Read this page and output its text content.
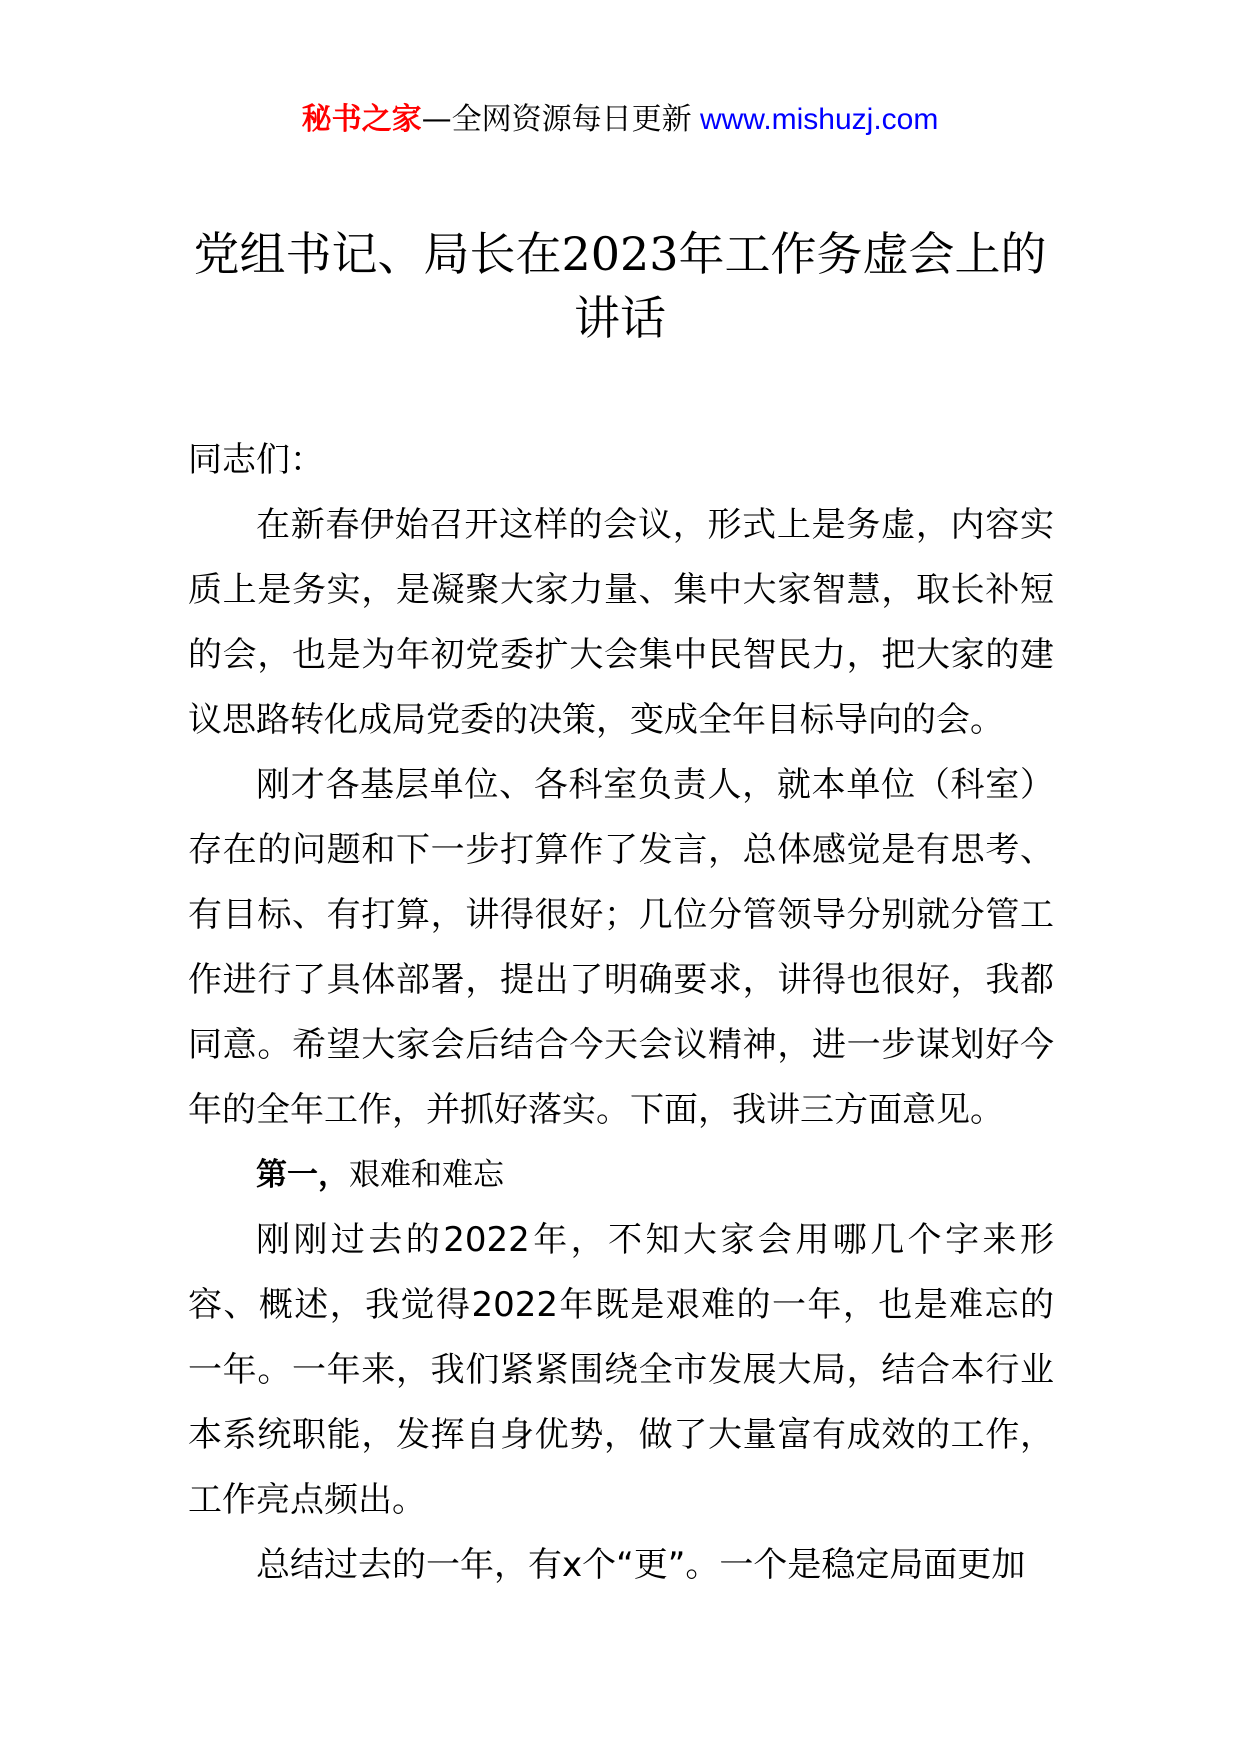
秘书之家—全网资源每日更新 www.mishuzj.com
党组书记、局长在2023年工作务虚会上的
讲话

同志们：

在新春伊始召开这样的会议，形式上是务虚，内容实质上是务实，是凝聚大家力量、集中大家智慧，取长补短的会，也是为年初党委扩大会集中民智民力，把大家的建议思路转化成局党委的决策，变成全年目标导向的会。

刚才各基层单位、各科室负责人，就本单位（科室）存在的问题和下一步打算作了发言，总体感觉是有思考、有目标、有打算，讲得很好；几位分管领导分别就分管工作进行了具体部署，提出了明确要求，讲得也很好，我都同意。希望大家会后结合今天会议精神，进一步谋划好今年的全年工作，并抓好落实。下面，我讲三方面意见。

第一，艰难和难忘

刚刚过去的2022年，不知大家会用哪几个字来形容、概述，我觉得2022年既是艰难的一年，也是难忘的一年。一年来，我们紧紧围绕全市发展大局，结合本行业本系统职能，发挥自身优势，做了大量富有成效的工作，工作亮点频出。

总结过去的一年，有x个“更”。一个是稳定局面更加
